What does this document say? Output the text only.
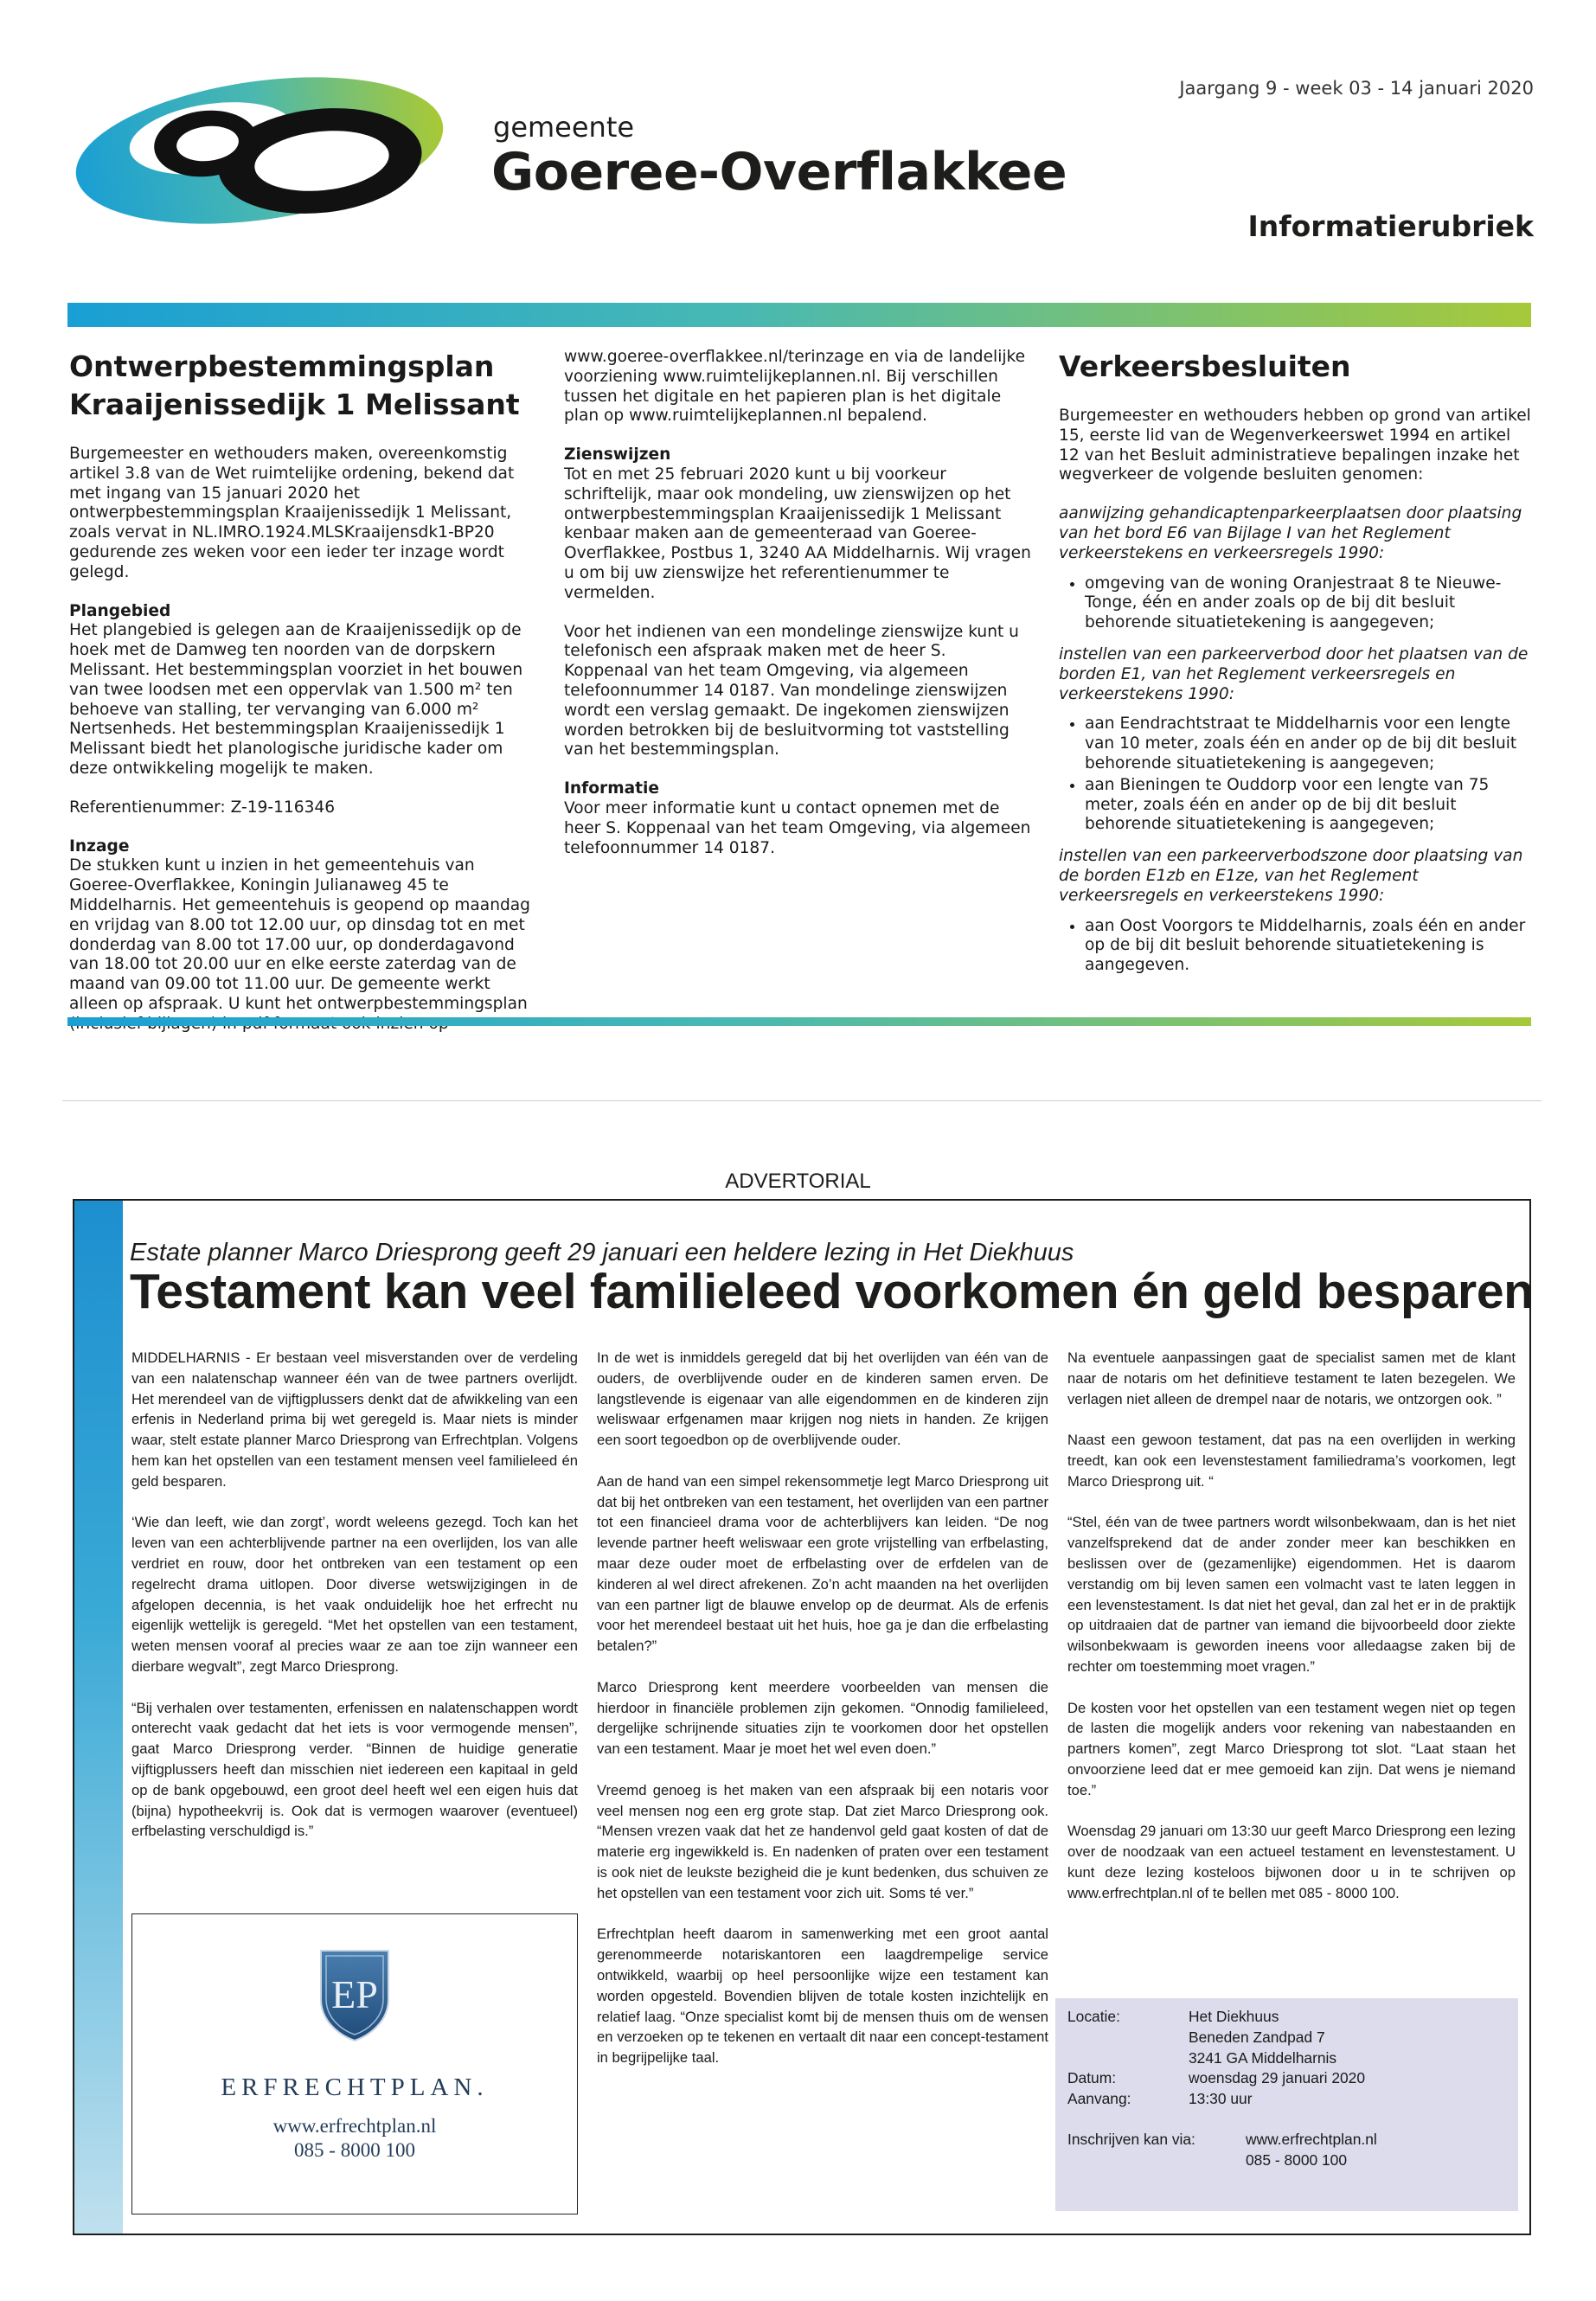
gemeente
Goeree-Overflakkee
Jaargang 9 - week 03 - 14 januari 2020
Informatierubriek
Ontwerpbestemmingsplan Kraaijenissedijk 1 Melissant

Burgemeester en wethouders maken, overeenkomstig artikel 3.8 van de Wet ruimtelijke ordening, bekend dat met ingang van 15 januari 2020 het ontwerpbestemmingsplan Kraaijenissedijk 1 Melissant, zoals vervat in NL.IMRO.1924.MLSKraaijensdk1-BP20 gedurende zes weken voor een ieder ter inzage wordt gelegd.

Plangebied

Het plangebied is gelegen aan de Kraaijenissedijk op de hoek met de Damweg ten noorden van de dorpskern Melissant. Het bestemmingsplan voorziet in het bouwen van twee loodsen met een oppervlak van 1.500 m² ten behoeve van stalling, ter vervanging van 6.000 m² Nertsenheds. Het bestemmingsplan Kraaijenissedijk 1 Melissant biedt het planologische juridische kader om deze ontwikkeling mogelijk te maken.

Referentienummer: Z-19-116346

Inzage

De stukken kunt u inzien in het gemeentehuis van Goeree-Overflakkee, Koningin Julianaweg 45 te Middelharnis. Het gemeentehuis is geopend op maandag en vrijdag van 8.00 tot 12.00 uur, op dinsdag tot en met donderdag van 8.00 tot 17.00 uur, op donderdagavond van 18.00 tot 20.00 uur en elke eerste zaterdag van de maand van 09.00 tot 11.00 uur. De gemeente werkt alleen op afspraak. U kunt het ontwerpbestemmingsplan

www.goeree-overflakkee.nl/terinzage en via de landelijke voorziening www.ruimtelijkeplannen.nl. Bij verschillen tussen het digitale en het papieren plan is het digitale plan op www.ruimtelijkeplannen.nl bepalend.

Zienswijzen

Tot en met 25 februari 2020 kunt u bij voorkeur schriftelijk, maar ook mondeling, uw zienswijzen op het ontwerpbestemmingsplan Kraaijenissedijk 1 Melissant kenbaar maken aan de gemeenteraad van Goeree-Overflakkee, Postbus 1, 3240 AA Middelharnis. Wij vragen u om bij uw zienswijze het referentienummer te vermelden.

Voor het indienen van een mondelinge zienswijze kunt u telefonisch een afspraak maken met de heer S. Koppenaal van het team Omgeving, via algemeen telefoonnummer 14 0187. Van mondelinge zienswijzen wordt een verslag gemaakt. De ingekomen zienswijzen worden betrokken bij de besluitvorming tot vaststelling van het bestemmingsplan.

Informatie

Voor meer informatie kunt u contact opnemen met de heer S. Koppenaal van het team Omgeving, via algemeen telefoonnummer 14 0187.

Verkeersbesluiten

Burgemeester en wethouders hebben op grond van artikel 15, eerste lid van de Wegenverkeerswet 1994 en artikel 12 van het Besluit administratieve bepalingen inzake het wegverkeer de volgende besluiten genomen:

aanwijzing gehandicaptenparkeerplaatsen door plaatsing van het bord E6 van Bijlage I van het Reglement verkeerstekens en verkeersregels 1990:

• omgeving van de woning Oranjestraat 8 te Nieuwe-Tonge, één en ander zoals op de bij dit besluit behorende situatietekening is aangegeven;

instellen van een parkeerverbod door het plaatsen van de borden E1, van het Reglement verkeersregels en verkeerstekens 1990:

• aan Eendrachtstraat te Middelharnis voor een lengte van 10 meter, zoals één en ander op de bij dit besluit behorende situatietekening is aangegeven;
• aan Bieningen te Ouddorp voor een lengte van 75 meter, zoals één en ander op de bij dit besluit behorende situatietekening is aangegeven;

instellen van een parkeerverbodszone door plaatsing van de borden E1zb en E1ze, van het Reglement verkeersregels en verkeerstekens 1990:

• aan Oost Voorgors te Middelharnis, zoals één en ander op de bij dit besluit behorende situatietekening is aangegeven.
ADVERTORIAL
Estate planner Marco Driesprong geeft 29 januari een heldere lezing in Het Diekhuus
Testament kan veel familieleed voorkomen én geld besparen

MIDDELHARNIS - Er bestaan veel misverstanden over de verdeling van een nalatenschap wanneer één van de twee partners overlijdt. Het merendeel van de vijftigplussers denkt dat de afwikkeling van een erfenis in Nederland prima bij wet geregeld is. Maar niets is minder waar, stelt estate planner Marco Driesprong van Erfrechtplan. Volgens hem kan het opstellen van een testament mensen veel familieleed én geld besparen.

‘Wie dan leeft, wie dan zorgt’, wordt weleens gezegd. Toch kan het leven van een achterblijvende partner na een overlijden, los van alle verdriet en rouw, door het ontbreken van een testament op een regelrecht drama uitlopen. Door diverse wetswijzigingen in de afgelopen decennia, is het vaak onduidelijk hoe het erfrecht nu eigenlijk wettelijk is geregeld. “Met het opstellen van een testament, weten mensen vooraf al precies waar ze aan toe zijn wanneer een dierbare wegvalt”, zegt Marco Driesprong.

“Bij verhalen over testamenten, erfenissen en nalatenschappen wordt onterecht vaak gedacht dat het iets is voor vermogende mensen”, gaat Marco Driesprong verder. “Binnen de huidige generatie vijftigplussers heeft dan misschien niet iedereen een kapitaal in geld op de bank opgebouwd, een groot deel heeft wel een eigen huis dat (bijna) hypotheekvrij is. Ook dat is vermogen waarover (eventueel) erfbelasting verschuldigd is.”

EP
ERFRECHTPLAN.
www.erfrechtplan.nl
085 - 8000 100

In de wet is inmiddels geregeld dat bij het overlijden van één van de ouders, de overblijvende ouder en de kinderen samen erven. De langstlevende is eigenaar van alle eigendommen en de kinderen zijn weliswaar erfgenamen maar krijgen nog niets in handen. Ze krijgen een soort tegoedbon op de overblijvende ouder.

Aan de hand van een simpel rekensommetje legt Marco Driesprong uit dat bij het ontbreken van een testament, het overlijden van een partner tot een financieel drama voor de achterblijvers kan leiden. “De nog levende partner heeft weliswaar een grote vrijstelling van erfbelasting, maar deze ouder moet de erfbelasting over de erfdelen van de kinderen al wel direct afrekenen. Zo’n acht maanden na het overlijden van een partner ligt de blauwe envelop op de deurmat. Als de erfenis voor het merendeel bestaat uit het huis, hoe ga je dan die erfbelasting betalen?”

Marco Driesprong kent meerdere voorbeelden van mensen die hierdoor in financiële problemen zijn gekomen. “Onnodig familieleed, dergelijke schrijnende situaties zijn te voorkomen door het opstellen van een testament. Maar je moet het wel even doen.”

Vreemd genoeg is het maken van een afspraak bij een notaris voor veel mensen nog een erg grote stap. Dat ziet Marco Driesprong ook. “Mensen vrezen vaak dat het ze handenvol geld gaat kosten of dat de materie erg ingewikkeld is. En nadenken of praten over een testament is ook niet de leukste bezigheid die je kunt bedenken, dus schuiven ze het opstellen van een testament voor zich uit. Soms té ver.”

Erfrechtplan heeft daarom in samenwerking met een groot aantal gerenommeerde notariskantoren een laagdrempelige service ontwikkeld, waarbij op heel persoonlijke wijze een testament kan worden opgesteld. Bovendien blijven de totale kosten inzichtelijk en relatief laag. “Onze specialist komt bij de mensen thuis om de wensen en verzoeken op te tekenen en vertaalt dit naar een concept-testament in begrijpelijke taal.

Na eventuele aanpassingen gaat de specialist samen met de klant naar de notaris om het definitieve testament te laten bezegelen. We verlagen niet alleen de drempel naar de notaris, we ontzorgen ook. ”

Naast een gewoon testament, dat pas na een overlijden in werking treedt, kan ook een levenstestament familiedrama’s voorkomen, legt Marco Driesprong uit. “

“Stel, één van de twee partners wordt wilsonbekwaam, dan is het niet vanzelfsprekend dat de ander zonder meer kan beschikken en beslissen over de (gezamenlijke) eigendommen. Het is daarom verstandig om bij leven samen een volmacht vast te laten leggen in een levenstestament. Is dat niet het geval, dan zal het er in de praktijk op uitdraaien dat de partner van iemand die bijvoorbeeld door ziekte wilsonbekwaam is geworden ineens voor alledaagse zaken bij de rechter om toestemming moet vragen.”

De kosten voor het opstellen van een testament wegen niet op tegen de lasten die mogelijk anders voor rekening van nabestaanden en partners komen”, zegt Marco Driesprong tot slot. “Laat staan het onvoorziene leed dat er mee gemoeid kan zijn. Dat wens je niemand toe.”

Woensdag 29 januari om 13:30 uur geeft Marco Driesprong een lezing over de noodzaak van een actueel testament en levenstestament. U kunt deze lezing kosteloos bijwonen door u in te schrijven op www.erfrechtplan.nl of te bellen met 085 - 8000 100.

Locatie:	Het Diekhuus
Beneden Zandpad 7
3241 GA Middelharnis
Datum:	woensdag 29 januari 2020
Aanvang:	13:30 uur
Inschrijven kan via:	www.erfrechtplan.nl
085 - 8000 100
